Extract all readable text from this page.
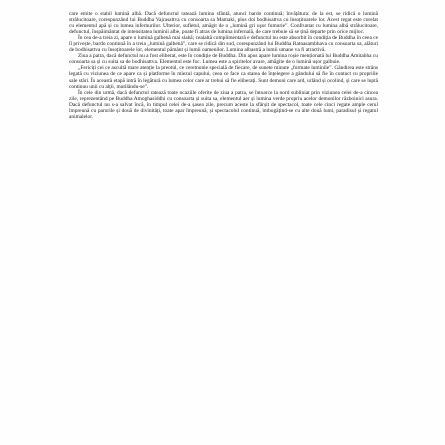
care emite o stabil lumină albă. Dacă defunctul ratează lumina sfântă, atunci bardo continuă; învățătura: de la est, se ridică o lumină strălucitoare, corespunzând lui Buddha Vajrasattva cu consoarta sa Mamaki, plus doi bodhisattva cu însoțitoarele lor. Acest regat este corelat cu elementul apă și cu lumea infernurilor. Ulterior, sufletul, amăgit de o „lumină gri uşor fumurie”. Confruntat cu lumina albă strălucitoare, defunctul, înspăimântat de intensitatea luminii albe, poate fi atras de lumina infernală, de care trebuie să se țină departe prin orice mijloc.

În cea de-a treia zi, apare o lumină galbenă mai slabă; cealaltă complimentară e defunctul nu este absorbit în condiția de Buddha în ceea ce îl privește, bardo continuă în a treia „lumină galbenă”, care se ridică din sud, corespunzând lui Buddha Ratnasambhava cu consoarta sa, alături de bodhisattva cu însoțitoarele lor, elementul pământ și lumii oamenilor. Lumina albastră a lumii umane va fi atractivă.

Ziua a patra, dacă defunctul nu a fost eliberat, este în condiție de Buddha. Din apus apare lumina roșie menționată lui Buddha Amitabha cu consoarta sa și cu suita sa de bodhisattva. Elementul este foc. Lumea este a spiritelor avare, amăgite de o lumină ușor galbuie.

„Fericiți cei ce ascultă mare atenție la preotul, ce ceremonie specială de fiecare, de sunete minute „formate luminile”. Gândirea este strâns legată cu viziunea de ce apare ca și platforme în miezul capului, ceea ce face ca starea de înțelegere a gândului să fie în contact cu propriile sale stări. În această etapă intră în legătură cu lumea celor care ar trebui să fie eliberați. Sunt demoni care ard, urlând și ocolind, și care se luptă continuu unii cu alții, mutilându-se”.

În cele din urmă, dacă defunctul ratează toate ocaziile oferite de ziua a patra, se întoarce la nord subliniat prin viziunea celei de-a cincea zile, reprezentând pe Buddha Amoghasiddhi cu consoarta și suita sa, elementul aer și lumina verde propriu acelor demonilor războinici asura. Dacă defunctul nu s-a salvat încă, în timpul celei de-a șasea zile, precum aceste la sfârșit de spectacol, toate cele cinci regate ample cerul împreună cu parurile și două de divinități, toate apar împreună, și spectacolul continuă, imbogățind-se cu alte două lumi, paradisul și regatul animalelor.
